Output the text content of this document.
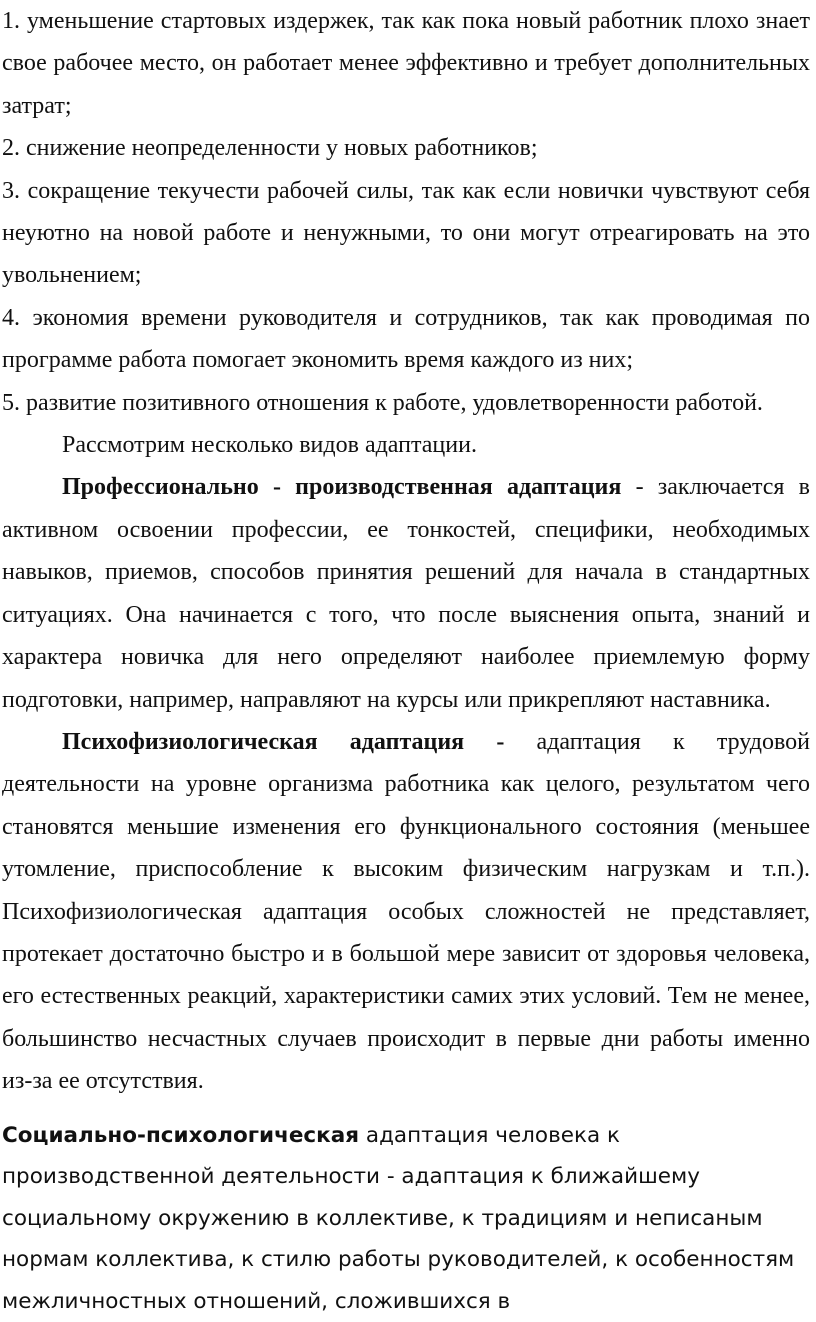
1. уменьшение стартовых издержек, так как пока новый работник плохо знает свое рабочее место, он работает менее эффективно и требует дополнительных затрат;

2. снижение неопределенности у новых работников;

3. сокращение текучести рабочей силы, так как если новички чувствуют себя неуютно на новой работе и ненужными, то они могут отреагировать на это увольнением;

4. экономия времени руководителя и сотрудников, так как проводимая по программе работа помогает экономить время каждого из них;

5. развитие позитивного отношения к работе, удовлетворенности работой.

Рассмотрим несколько видов адаптации.

Профессионально - производственная адаптация - заключается в активном освоении профессии, ее тонкостей, специфики, необходимых навыков, приемов, способов принятия решений для начала в стандартных ситуациях. Она начинается с того, что после выяснения опыта, знаний и характера новичка для него определяют наиболее приемлемую форму подготовки, например, направляют на курсы или прикрепляют наставника.

Психофизиологическая адаптация - адаптация к трудовой деятельности на уровне организма работника как целого, результатом чего становятся меньшие изменения его функционального состояния (меньшее утомление, приспособление к высоким физическим нагрузкам и т.п.). Психофизиологическая адаптация особых сложностей не представляет, протекает достаточно быстро и в большой мере зависит от здоровья человека, его естественных реакций, характеристики самих этих условий. Тем не менее, большинство несчастных случаев происходит в первые дни работы именно из-за ее отсутствия.

Социально-психологическая адаптация человека к производственной деятельности - адаптация к ближайшему социальному окружению в коллективе, к традициям и неписаным нормам коллектива, к стилю работы руководителей, к особенностям межличностных отношений, сложившихся в
